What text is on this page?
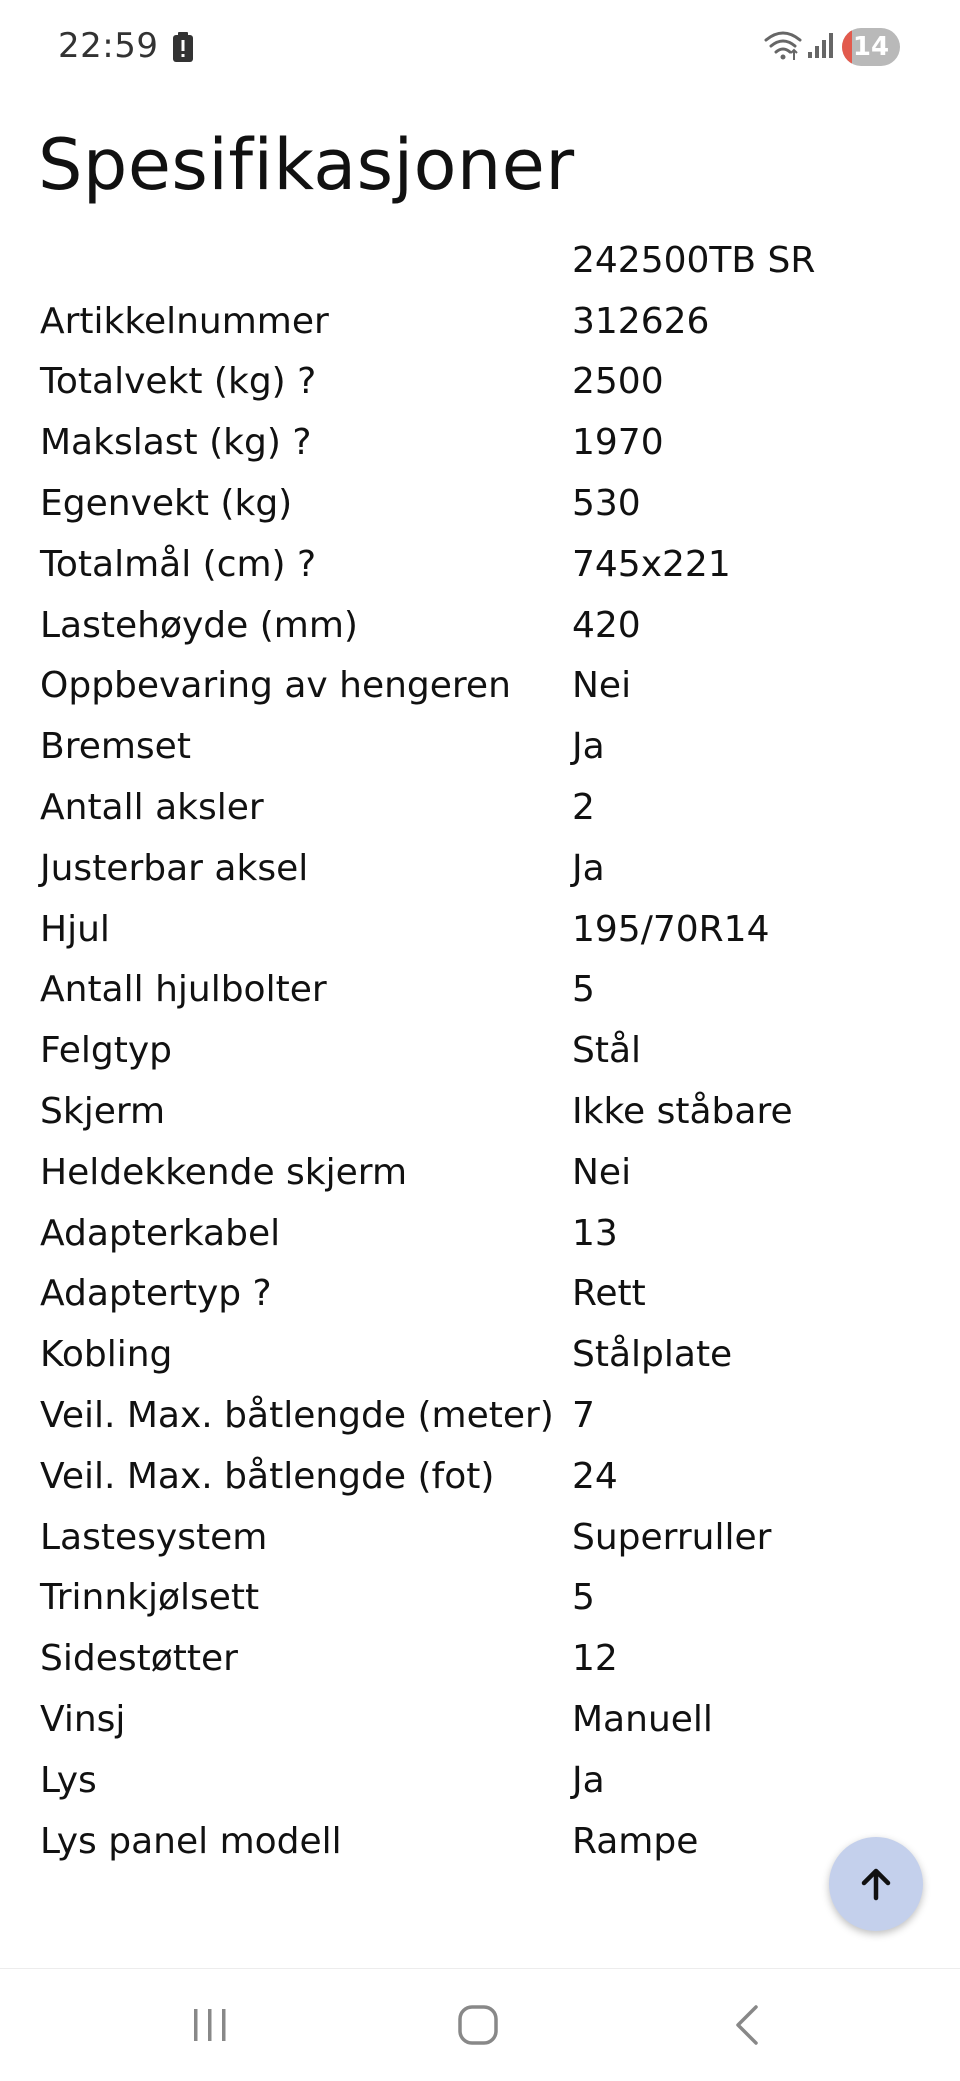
22:59	14
Spesifikasjoner
242500TB SR
Artikkelnummer	312626
Totalvekt (kg) ?	2500
Makslast (kg) ?	1970
Egenvekt (kg)	530
Totalmål (cm) ?	745x221
Lastehøyde (mm)	420
Oppbevaring av hengeren	Nei
Bremset	Ja
Antall aksler	2
Justerbar aksel	Ja
Hjul	195/70R14
Antall hjulbolter	5
Felgtyp	Stål
Skjerm	Ikke ståbare
Heldekkende skjerm	Nei
Adapterkabel	13
Adaptertyp ?	Rett
Kobling	Stålplate
Veil. Max. båtlengde (meter) 7
Veil. Max. båtlengde (fot)	24
Lastesystem	Superruller
Trinnkjølsett	5
Sidestøtter	12
Vinsj	Manuell
Lys	Ja
Lys panel modell	Rampe
